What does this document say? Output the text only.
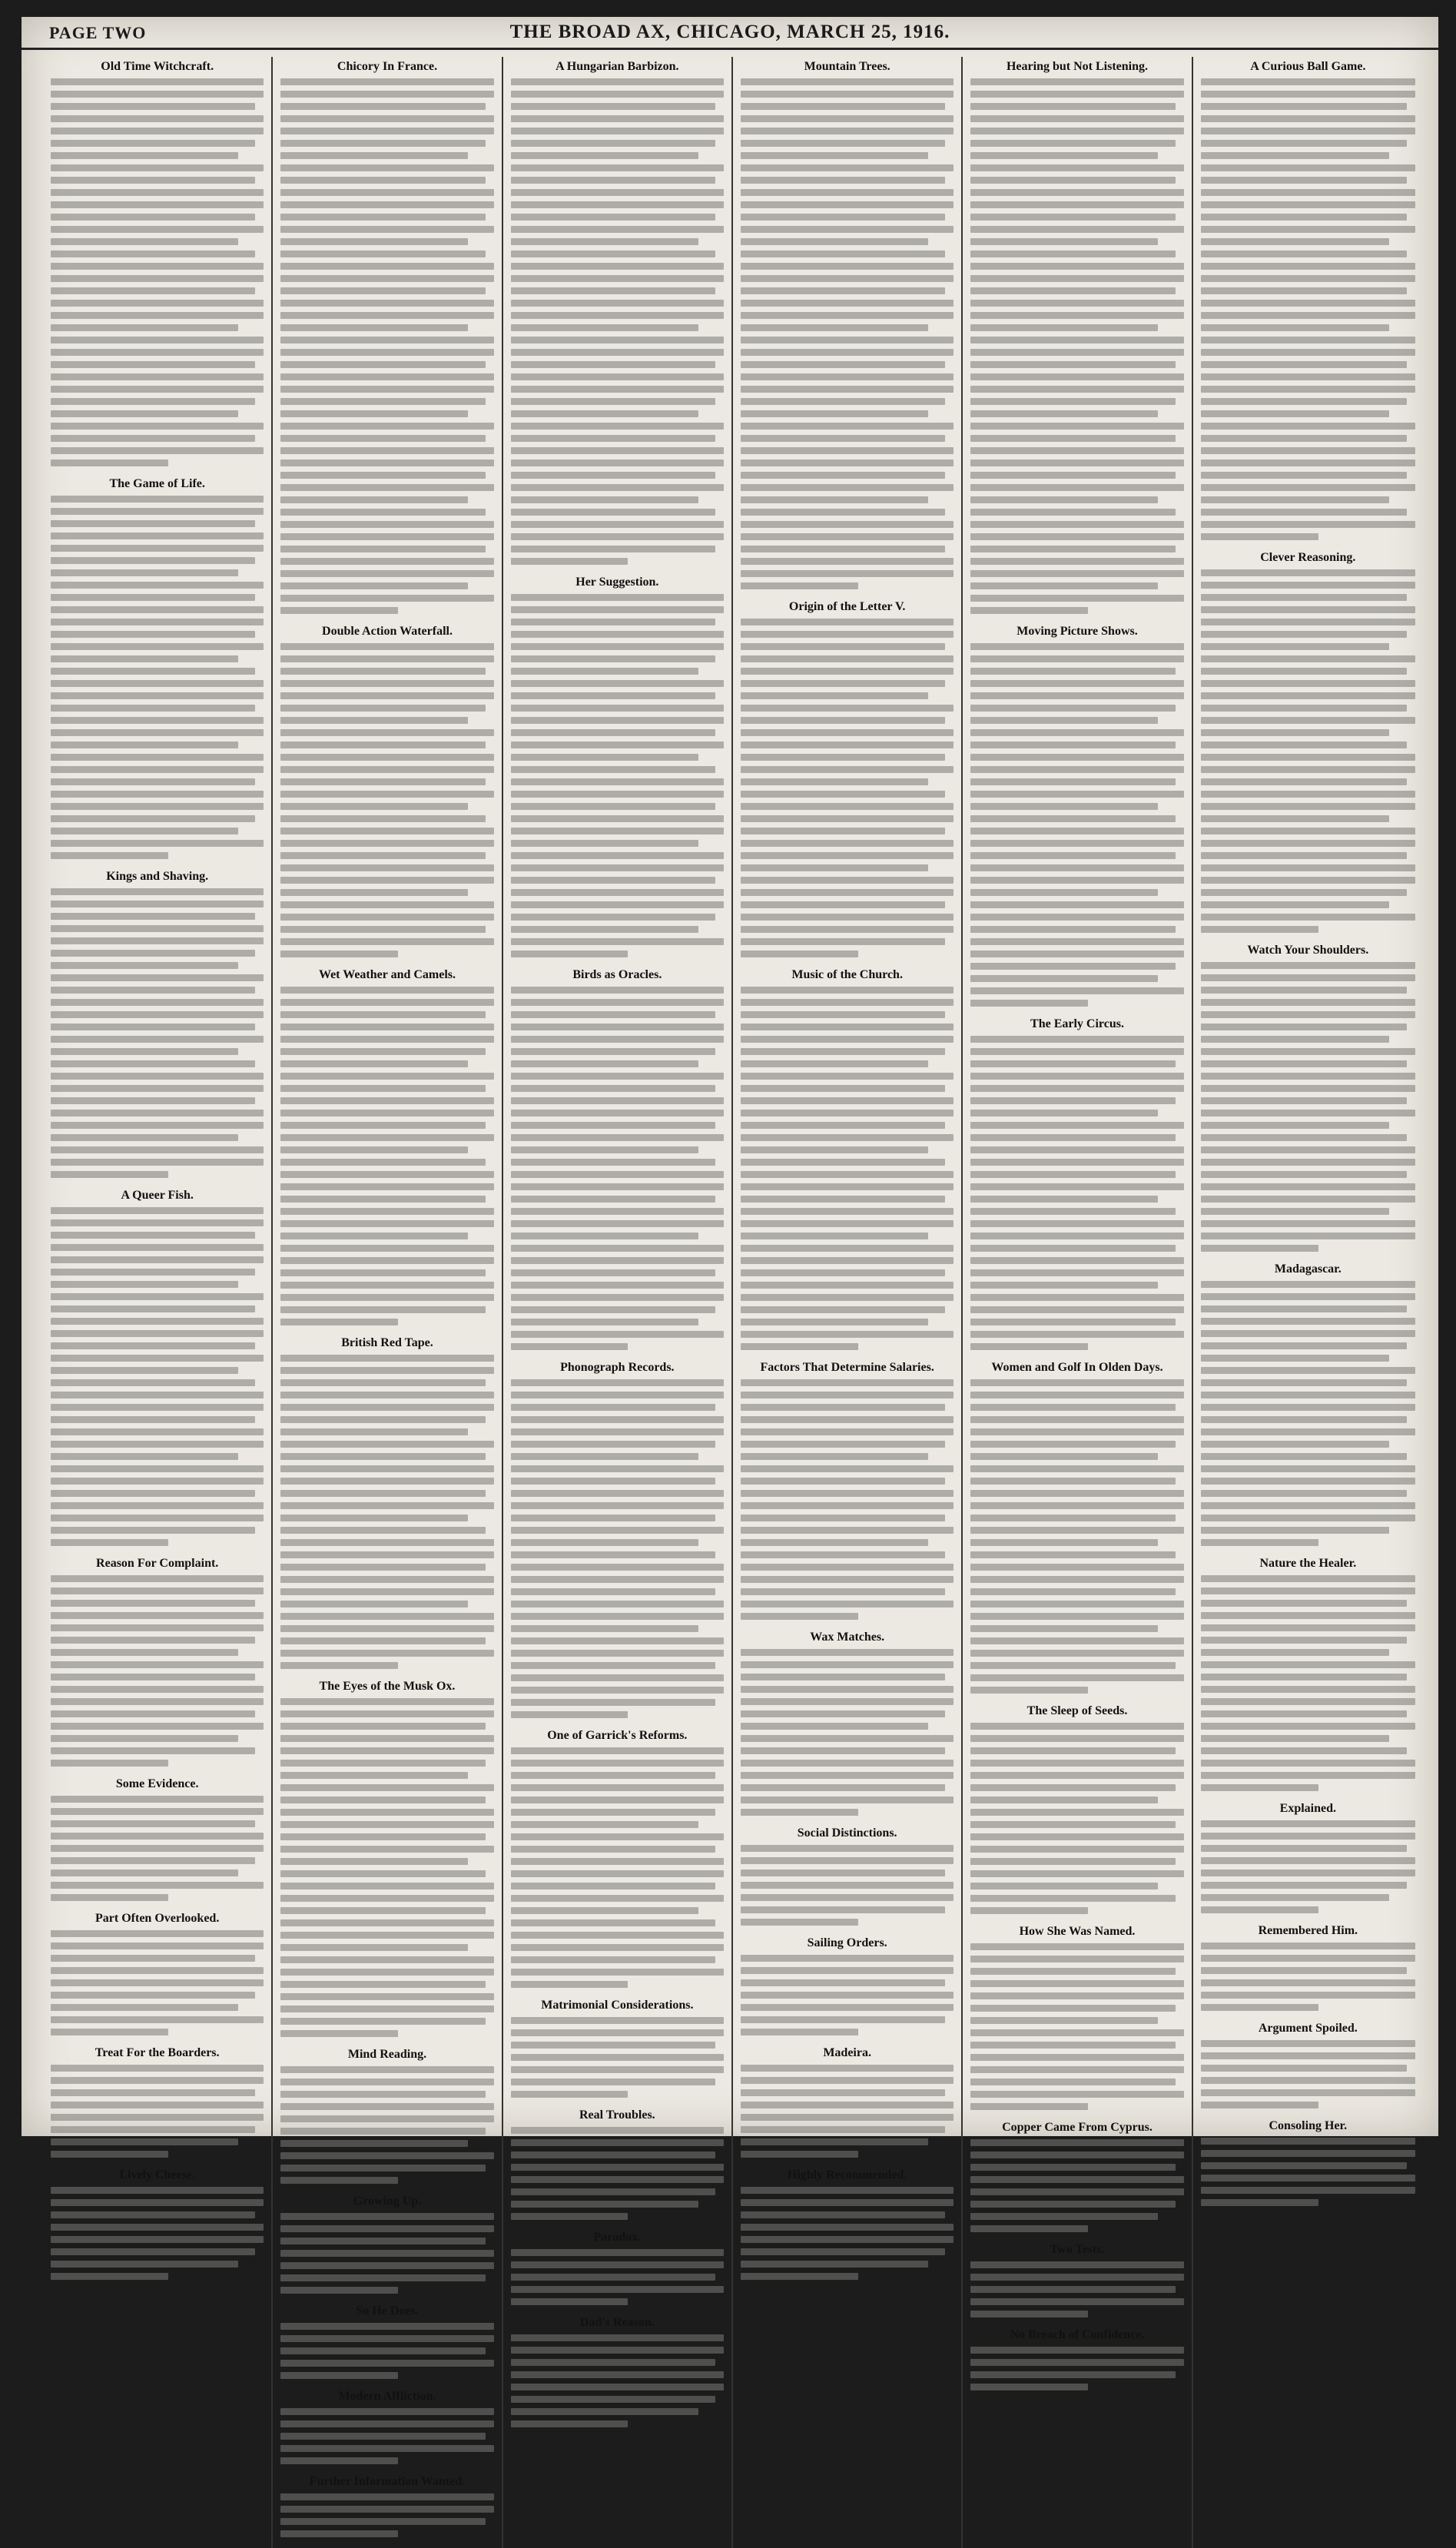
PAGE TWO	THE BROAD AX, CHICAGO, MARCH 25, 1916.
Old Time Witchcraft.
The Game of Life.
Kings and Shaving.
A Queer Fish.
Reason For Complaint.
Some Evidence.
Part Often Overlooked.
Treat For the Boarders.
Lively Cheese.
Chicory In France.
Double Action Waterfall.
Wet Weather and Camels.
British Red Tape.
The Eyes of the Musk Ox.
Mind Reading.
Growing Up.
So He Does.
Modern Affliction.
Further Information Wanted.
A Hungarian Barbizon.
Her Suggestion.
Birds as Oracles.
Phonograph Records.
One of Garrick's Reforms.
Matrimonial Considerations.
Real Troubles.
Paradox.
Dad's Reason.
Mountain Trees.
Origin of the Letter V.
Music of the Church.
Factors That Determine Salaries.
Wax Matches.
Social Distinctions.
Sailing Orders.
Madeira.
Highly Recommended.
Hearing but Not Listening.
Moving Picture Shows.
The Early Circus.
Women and Golf In Olden Days.
The Sleep of Seeds.
How She Was Named.
Copper Came From Cyprus.
Two Tests.
No Breach of Confidence.
A Curious Ball Game.
Clever Reasoning.
Watch Your Shoulders.
Madagascar.
Nature the Healer.
Explained.
Remembered Him.
Argument Spoiled.
Consoling Her.
